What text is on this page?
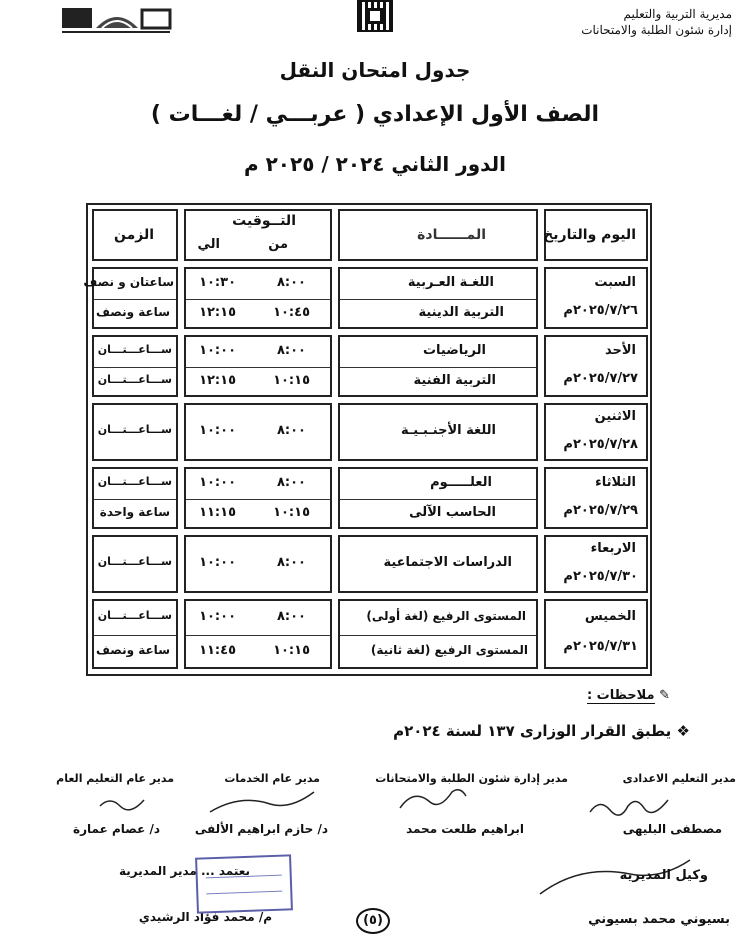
مديرية التربية والتعليم
إدارة شئون الطلبة والامتحانات
جدول امتحان النقل
الصف الأول الإعدادي ( عربـــي / لغـــات )
الدور الثاني ٢٠٢٤ / ٢٠٢٥ م
اليوم والتاريخ
المــــــادة
التــوقيت
من
الي
الزمن
السبت
٢٠٢٥/٧/٢٦م
اللغـة العـربية
التربية الدينية
٨:٠٠
١٠:٣٠
١٠:٤٥
١٢:١٥
ساعتان و نصف
ساعة ونصف
الأحد
٢٠٢٥/٧/٢٧م
الرياضيات
التربية الفنية
٨:٠٠
١٠:٠٠
١٠:١٥
١٢:١٥
ســـاعـــتـــان
ســـاعـــتـــان
الاثنين
٢٠٢٥/٧/٢٨م
اللغة الأجنـبـيـة
٨:٠٠
١٠:٠٠
ســـاعـــتـــان
الثلاثاء
٢٠٢٥/٧/٢٩م
العلـــــوم
الحاسب الآلى
٨:٠٠
١٠:٠٠
١٠:١٥
١١:١٥
ســـاعـــتـــان
ساعة واحدة
الاربعاء
٢٠٢٥/٧/٣٠م
الدراسات الاجتماعية
٨:٠٠
١٠:٠٠
ســـاعـــتـــان
الخميس
٢٠٢٥/٧/٣١م
المستوى الرفيع (لغة أولى)
المستوى الرفيع (لغة ثانية)
٨:٠٠
١٠:٠٠
١٠:١٥
١١:٤٥
ســـاعـــتـــان
ساعة ونصف
✎ ملاحظات :
❖ يطبق القرار الوزارى ١٣٧ لسنة ٢٠٢٤م
مدير التعليم الاعدادى
مصطفى البليهى
مدير إدارة شئون الطلبة والامتحانات
ابراهيم طلعت محمد
مدير عام الخدمات
د/ حازم ابراهيم الألفى
مدير عام التعليم العام
د/ عصام عمارة
وكيل المديرية
بسيوني محمد بسيوني
يعتمد ... مدير المديرية
م/ محمد فؤاد الرشيدي	(٥)
